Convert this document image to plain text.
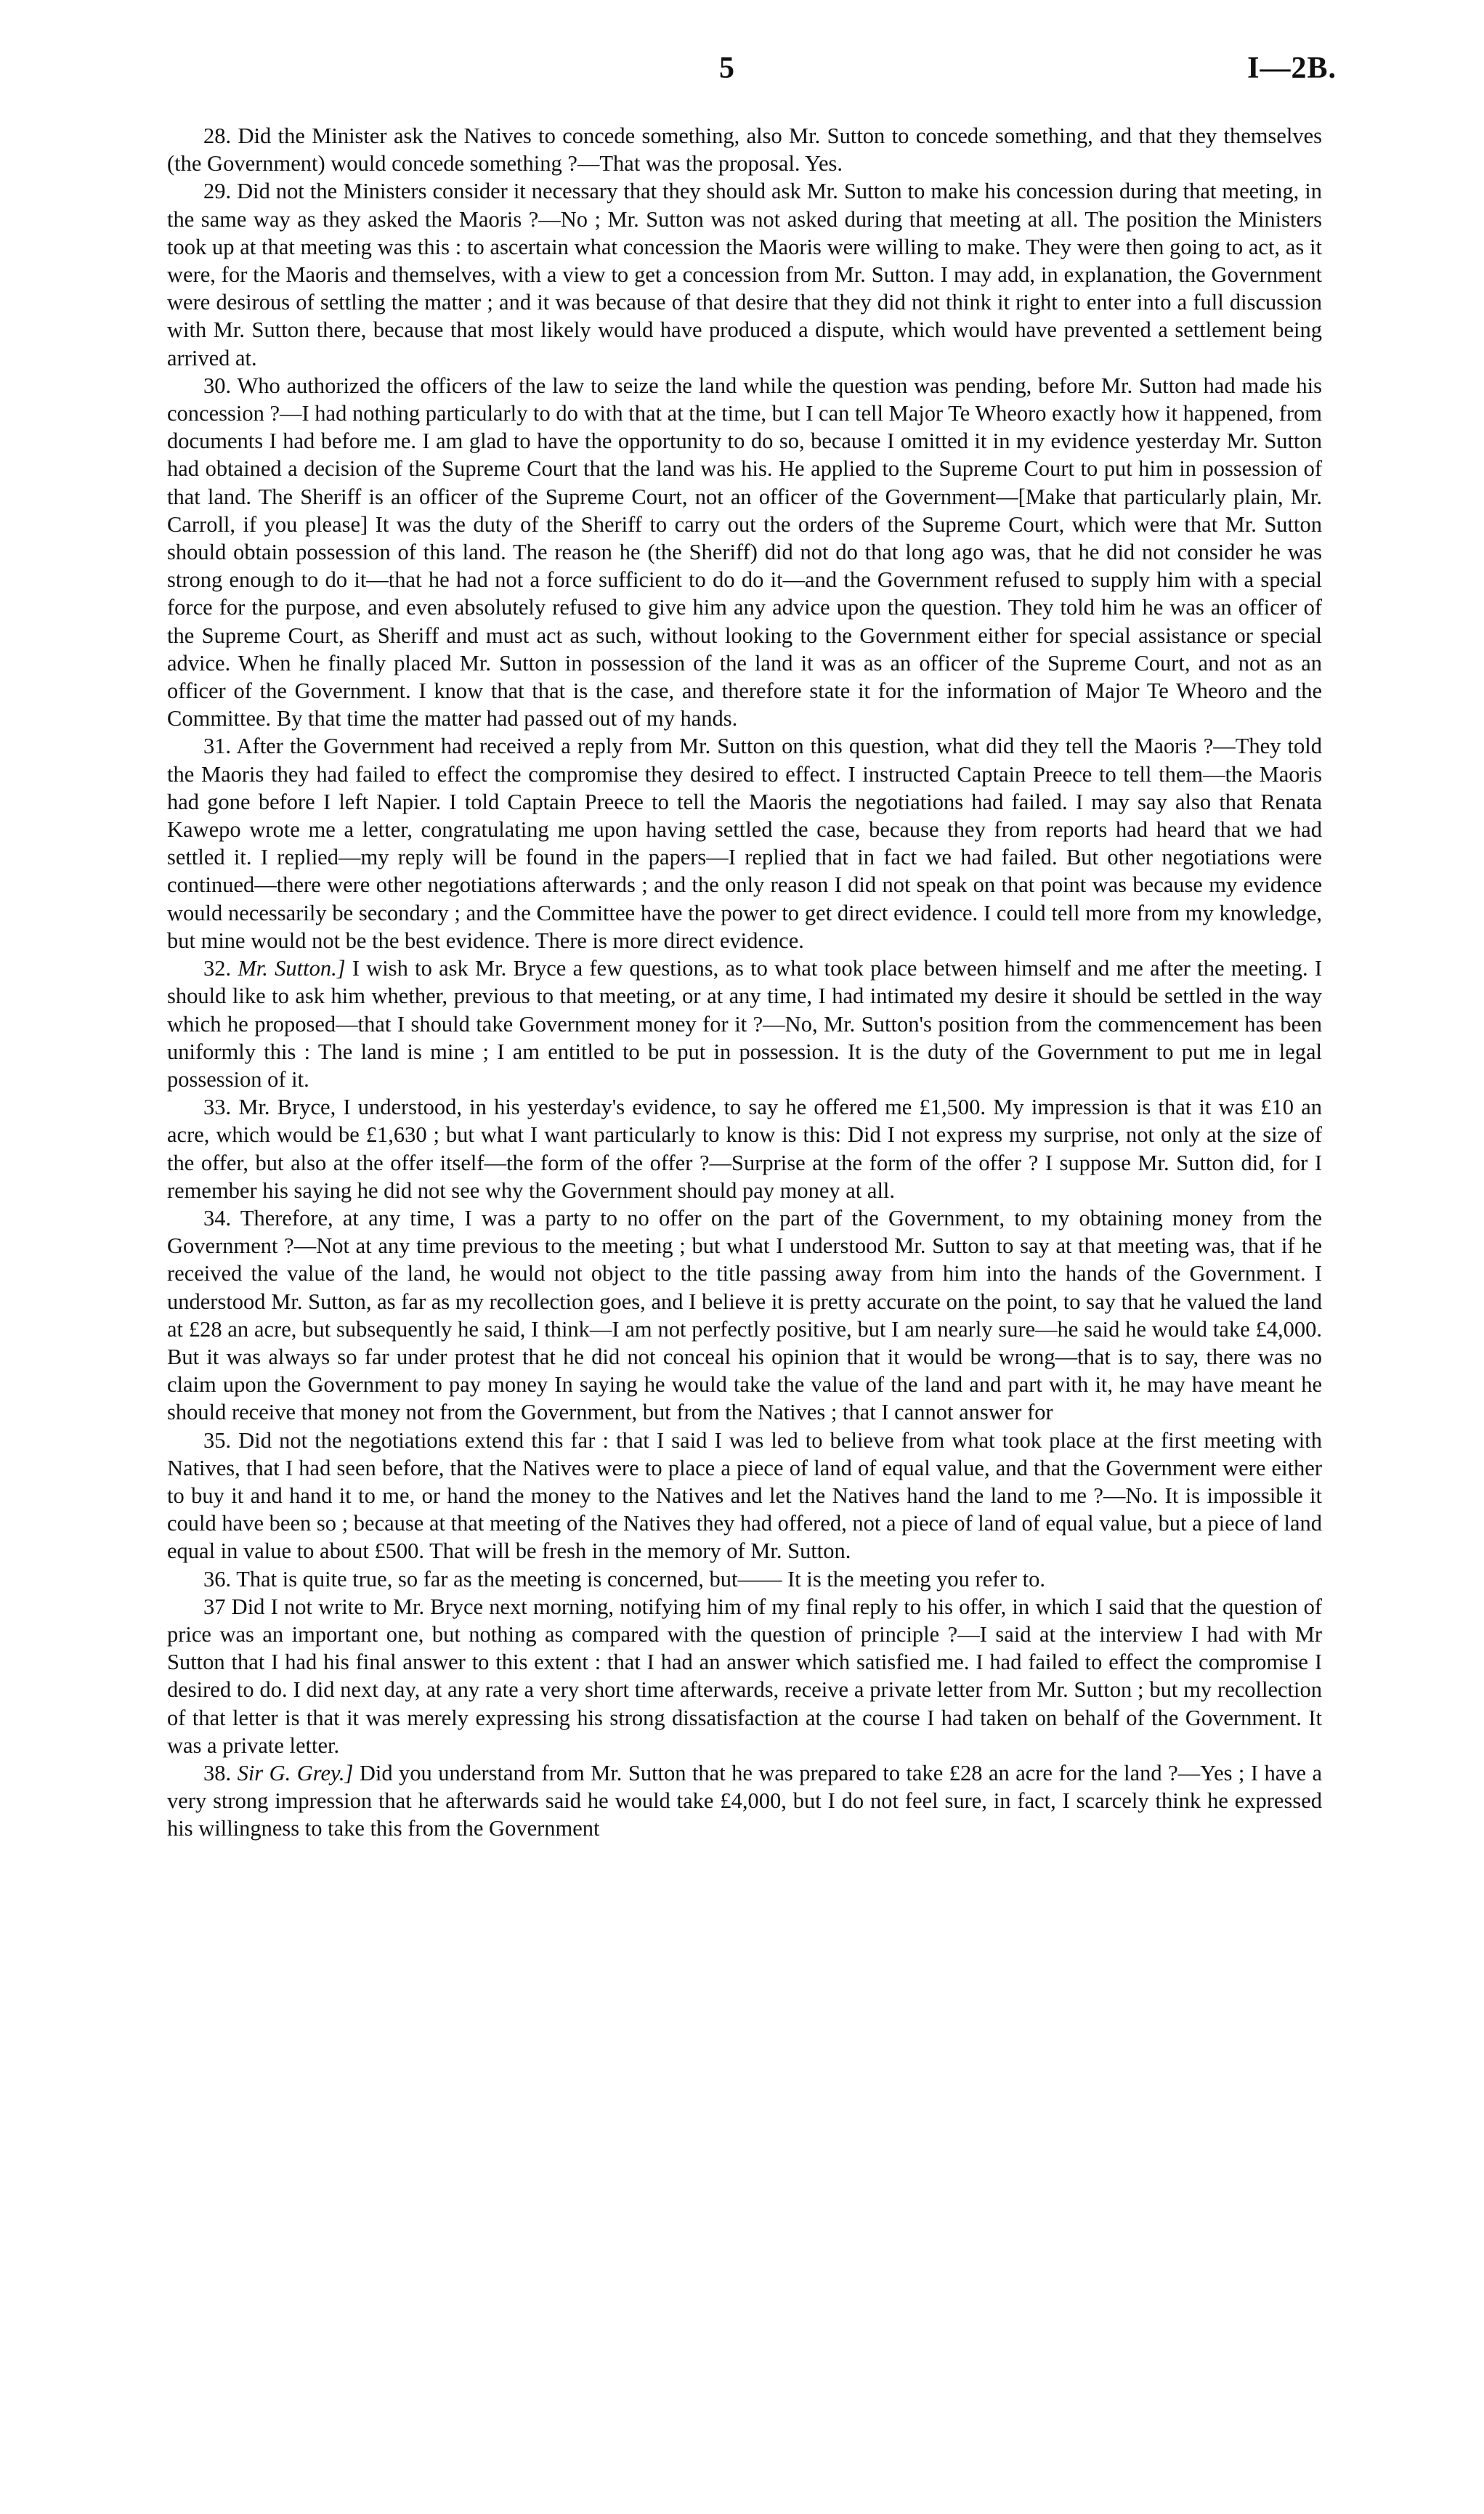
5	I—2B.

28. Did the Minister ask the Natives to concede something, also Mr. Sutton to concede something, and that they themselves (the Government) would concede something ?—That was the proposal. Yes.

29. Did not the Ministers consider it necessary that they should ask Mr. Sutton to make his concession during that meeting, in the same way as they asked the Maoris ?—No ; Mr. Sutton was not asked during that meeting at all. The position the Ministers took up at that meeting was this : to ascertain what concession the Maoris were willing to make. They were then going to act, as it were, for the Maoris and themselves, with a view to get a concession from Mr. Sutton. I may add, in explanation, the Government were desirous of settling the matter ; and it was because of that desire that they did not think it right to enter into a full discussion with Mr. Sutton there, because that most likely would have produced a dispute, which would have prevented a settlement being arrived at.

30. Who authorized the officers of the law to seize the land while the question was pending, before Mr. Sutton had made his concession ?—I had nothing particularly to do with that at the time, but I can tell Major Te Wheoro exactly how it happened, from documents I had before me. I am glad to have the opportunity to do so, because I omitted it in my evidence yesterday Mr. Sutton had obtained a decision of the Supreme Court that the land was his. He applied to the Supreme Court to put him in possession of that land. The Sheriff is an officer of the Supreme Court, not an officer of the Government—[Make that particularly plain, Mr. Carroll, if you please] It was the duty of the Sheriff to carry out the orders of the Supreme Court, which were that Mr. Sutton should obtain possession of this land. The reason he (the Sheriff) did not do that long ago was, that he did not consider he was strong enough to do it—that he had not a force sufficient to do do it—and the Government refused to supply him with a special force for the purpose, and even absolutely refused to give him any advice upon the question. They told him he was an officer of the Supreme Court, as Sheriff and must act as such, without looking to the Government either for special assistance or special advice. When he finally placed Mr. Sutton in possession of the land it was as an officer of the Supreme Court, and not as an officer of the Government. I know that that is the case, and therefore state it for the information of Major Te Wheoro and the Committee. By that time the matter had passed out of my hands.

31. After the Government had received a reply from Mr. Sutton on this question, what did they tell the Maoris ?—They told the Maoris they had failed to effect the compromise they desired to effect. I instructed Captain Preece to tell them—the Maoris had gone before I left Napier. I told Captain Preece to tell the Maoris the negotiations had failed. I may say also that Renata Kawepo wrote me a letter, congratulating me upon having settled the case, because they from reports had heard that we had settled it. I replied—my reply will be found in the papers—I replied that in fact we had failed. But other negotiations were continued—there were other negotiations afterwards ; and the only reason I did not speak on that point was because my evidence would necessarily be secondary ; and the Committee have the power to get direct evidence. I could tell more from my knowledge, but mine would not be the best evidence. There is more direct evidence.

32. Mr. Sutton.] I wish to ask Mr. Bryce a few questions, as to what took place between himself and me after the meeting. I should like to ask him whether, previous to that meeting, or at any time, I had intimated my desire it should be settled in the way which he proposed—that I should take Government money for it ?—No, Mr. Sutton's position from the commencement has been uniformly this : The land is mine ; I am entitled to be put in possession. It is the duty of the Government to put me in legal possession of it.

33. Mr. Bryce, I understood, in his yesterday's evidence, to say he offered me £1,500. My impression is that it was £10 an acre, which would be £1,630 ; but what I want particularly to know is this: Did I not express my surprise, not only at the size of the offer, but also at the offer itself—the form of the offer ?—Surprise at the form of the offer ? I suppose Mr. Sutton did, for I remember his saying he did not see why the Government should pay money at all.

34. Therefore, at any time, I was a party to no offer on the part of the Government, to my obtaining money from the Government ?—Not at any time previous to the meeting ; but what I understood Mr. Sutton to say at that meeting was, that if he received the value of the land, he would not object to the title passing away from him into the hands of the Government. I understood Mr. Sutton, as far as my recollection goes, and I believe it is pretty accurate on the point, to say that he valued the land at £28 an acre, but subsequently he said, I think—I am not perfectly positive, but I am nearly sure—he said he would take £4,000. But it was always so far under protest that he did not conceal his opinion that it would be wrong—that is to say, there was no claim upon the Government to pay money In saying he would take the value of the land and part with it, he may have meant he should receive that money not from the Government, but from the Natives ; that I cannot answer for

35. Did not the negotiations extend this far : that I said I was led to believe from what took place at the first meeting with Natives, that I had seen before, that the Natives were to place a piece of land of equal value, and that the Government were either to buy it and hand it to me, or hand the money to the Natives and let the Natives hand the land to me ?—No. It is impossible it could have been so ; because at that meeting of the Natives they had offered, not a piece of land of equal value, but a piece of land equal in value to about £500. That will be fresh in the memory of Mr. Sutton.

36. That is quite true, so far as the meeting is concerned, but—— It is the meeting you refer to.

37 Did I not write to Mr. Bryce next morning, notifying him of my final reply to his offer, in which I said that the question of price was an important one, but nothing as compared with the question of principle ?—I said at the interview I had with Mr Sutton that I had his final answer to this extent : that I had an answer which satisfied me. I had failed to effect the compromise I desired to do. I did next day, at any rate a very short time afterwards, receive a private letter from Mr. Sutton ; but my recollection of that letter is that it was merely expressing his strong dissatisfaction at the course I had taken on behalf of the Government. It was a private letter.

38. Sir G. Grey.] Did you understand from Mr. Sutton that he was prepared to take £28 an acre for the land ?—Yes ; I have a very strong impression that he afterwards said he would take £4,000, but I do not feel sure, in fact, I scarcely think he expressed his willingness to take this from the Government
